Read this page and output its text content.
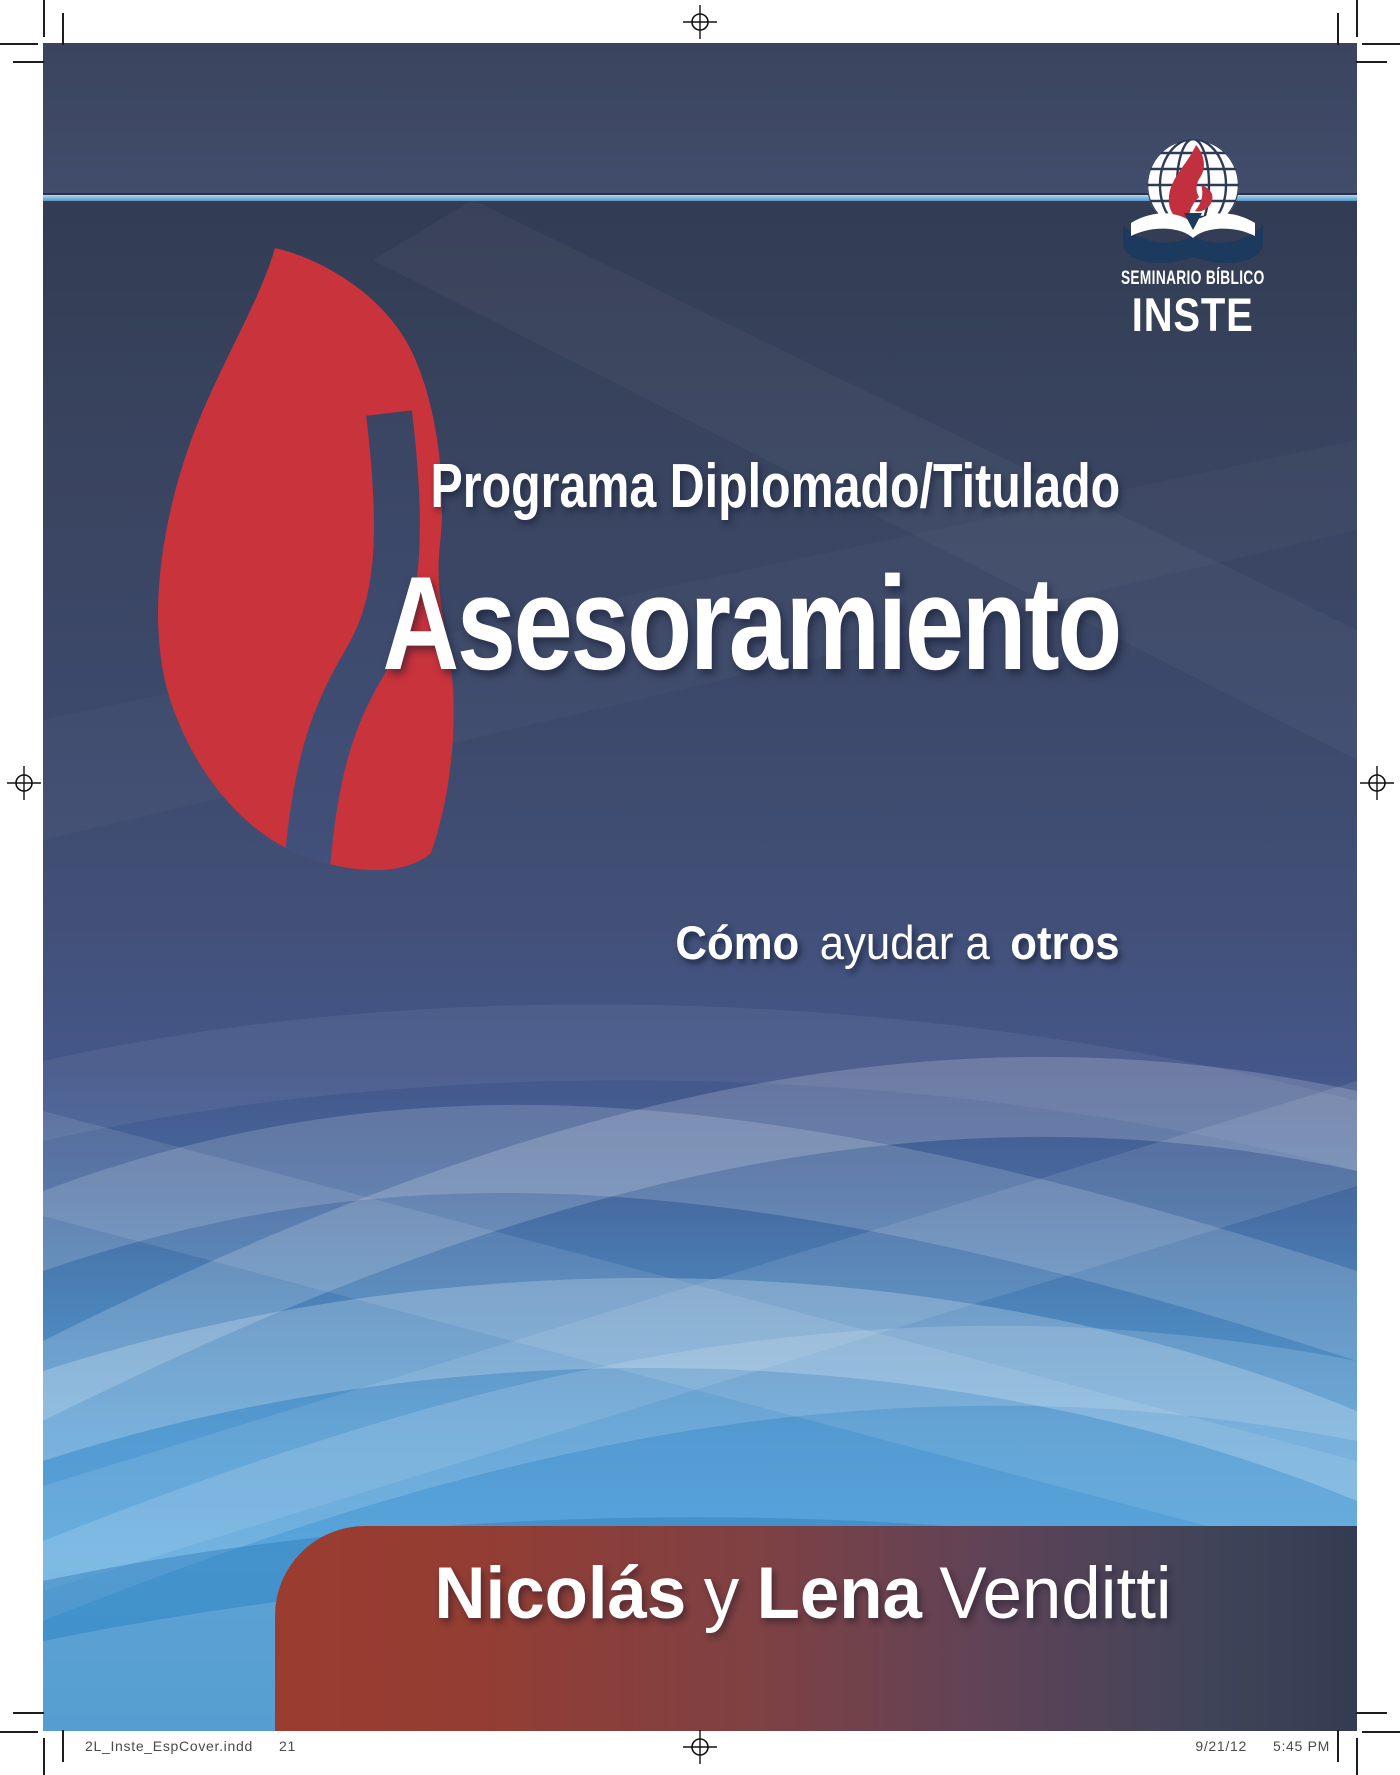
SEMINARIO BÍBLICO
INSTE
Programa Diplomado/Titulado
Asesoramiento
Cómo ayudar a otros
Nicolás y Lena Venditti
2L_Inste_EspCover.indd 21	9/21/12 5:45 PM
